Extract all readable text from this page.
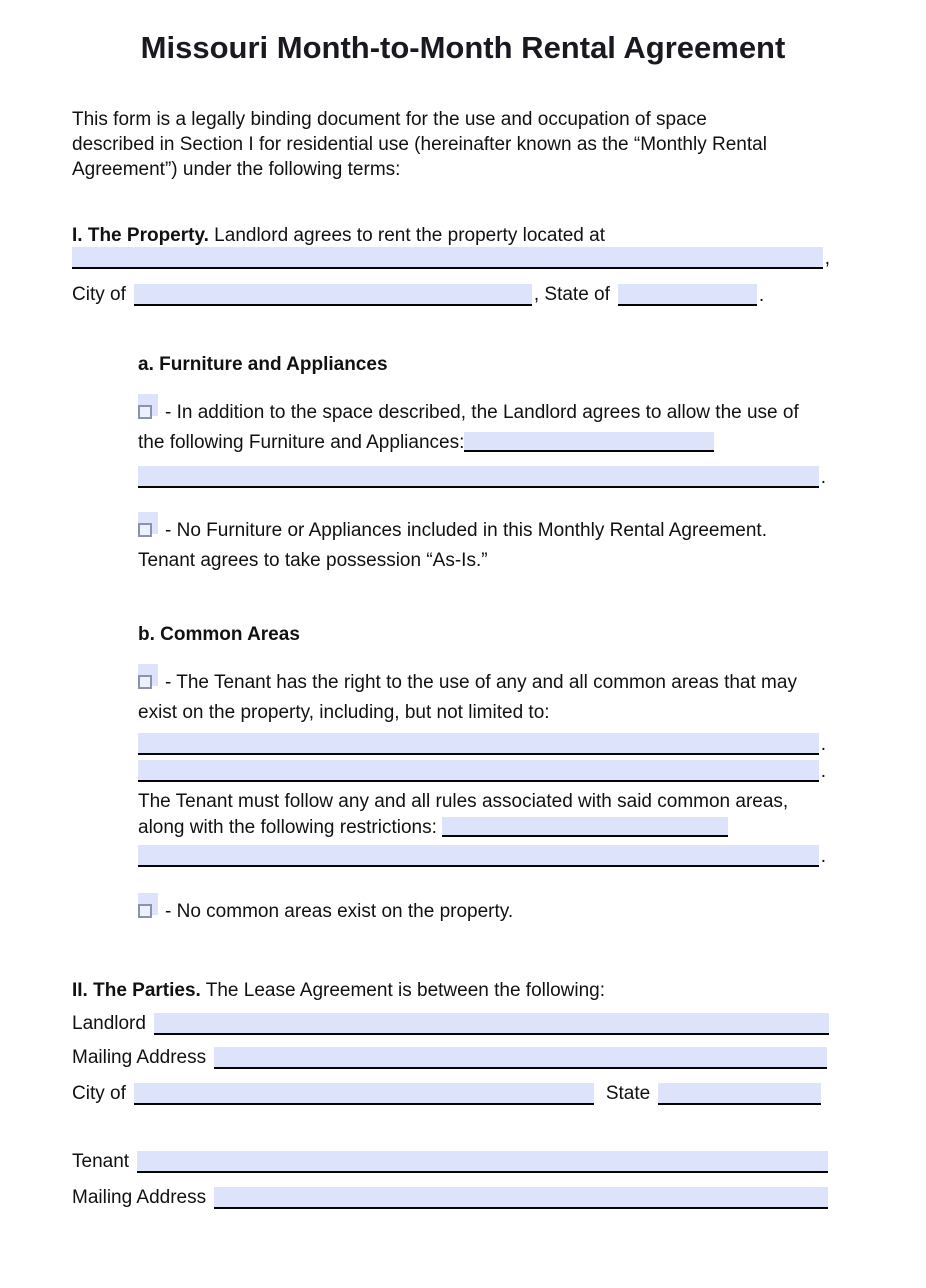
Missouri Month-to-Month Rental Agreement

This form is a legally binding document for the use and occupation of space described in Section I for residential use (hereinafter known as the “Monthly Rental Agreement”) under the following terms:

I. The Property. Landlord agrees to rent the property located at
,
City of	, State of	.
a. Furniture and Appliances

- In addition to the space described, the Landlord agrees to allow the use of the following Furniture and Appliances:

.

- No Furniture or Appliances included in this Monthly Rental Agreement. Tenant agrees to take possession “As-Is.”

b. Common Areas

- The Tenant has the right to the use of any and all common areas that may exist on the property, including, but not limited to:

.
.

The Tenant must follow any and all rules associated with said common areas, along with the following restrictions:

.

- No common areas exist on the property.

II. The Parties. The Lease Agreement is between the following:
Landlord
Mailing Address
City of	State
Tenant
Mailing Address
